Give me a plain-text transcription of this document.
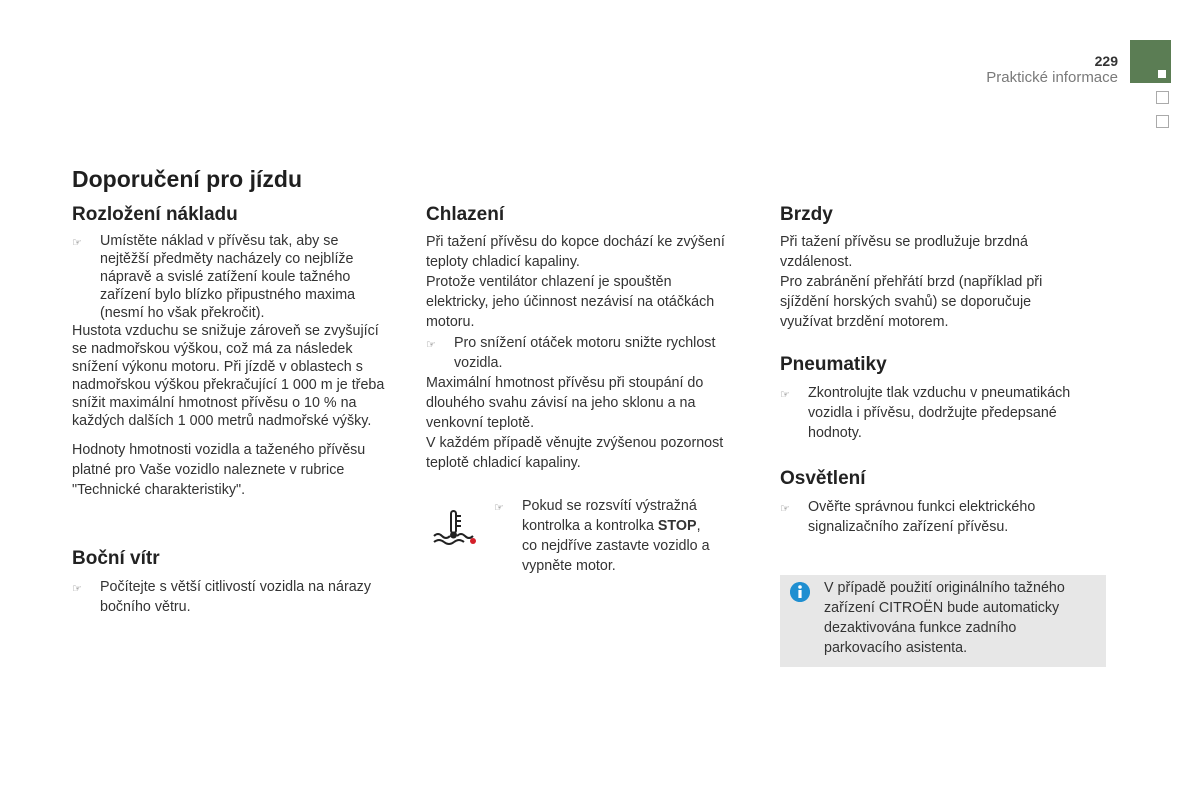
229
Praktické informace
Doporučení pro jízdu
Rozložení nákladu
☞	Umístěte náklad v přívěsu tak, aby se
nejtěžší předměty nacházely co nejblíže
nápravě a svislé zatížení koule tažného
zařízení bylo blízko připustného maxima
(nesmí ho však překročit).
Hustota vzduchu se snižuje zároveň se zvyšující
se nadmořskou výškou, což má za následek
snížení výkonu motoru. Při jízdě v oblastech s
nadmořskou výškou překračující 1 000 m je třeba
snížit maximální hmotnost přívěsu o 10 % na
každých dalších 1 000 metrů nadmořské výšky.
Hodnoty hmotnosti vozidla a taženého přívěsu
platné pro Vaše vozidlo naleznete v rubrice
"Technické charakteristiky".
Boční vítr
☞	Počítejte s větší citlivostí vozidla na nárazy
bočního větru.
Chlazení
Při tažení přívěsu do kopce dochází ke zvýšení
teploty chladicí kapaliny.
Protože ventilátor chlazení je spouštěn
elektricky, jeho účinnost nezávisí na otáčkách
motoru.
☞	Pro snížení otáček motoru snižte rychlost
vozidla.
Maximální hmotnost přívěsu při stoupání do
dlouhého svahu závisí na jeho sklonu a na
venkovní teplotě.
V každém případě věnujte zvýšenou pozornost
teplotě chladicí kapaliny.
☞	Pokud se rozsvítí výstražná
kontrolka a kontrolka STOP,
co nejdříve zastavte vozidlo a
vypněte motor.
Brzdy
Při tažení přívěsu se prodlužuje brzdná
vzdálenost.
Pro zabránění přehřátí brzd (například při
sjíždění horských svahů) se doporučuje
využívat brzdění motorem.
Pneumatiky
☞	Zkontrolujte tlak vzduchu v pneumatikách
vozidla i přívěsu, dodržujte předepsané
hodnoty.
Osvětlení
☞	Ověřte správnou funkci elektrického
signalizačního zařízení přívěsu.
V případě použití originálního tažného
zařízení CITROËN bude automaticky
dezaktivována funkce zadního
parkovacího asistenta.
